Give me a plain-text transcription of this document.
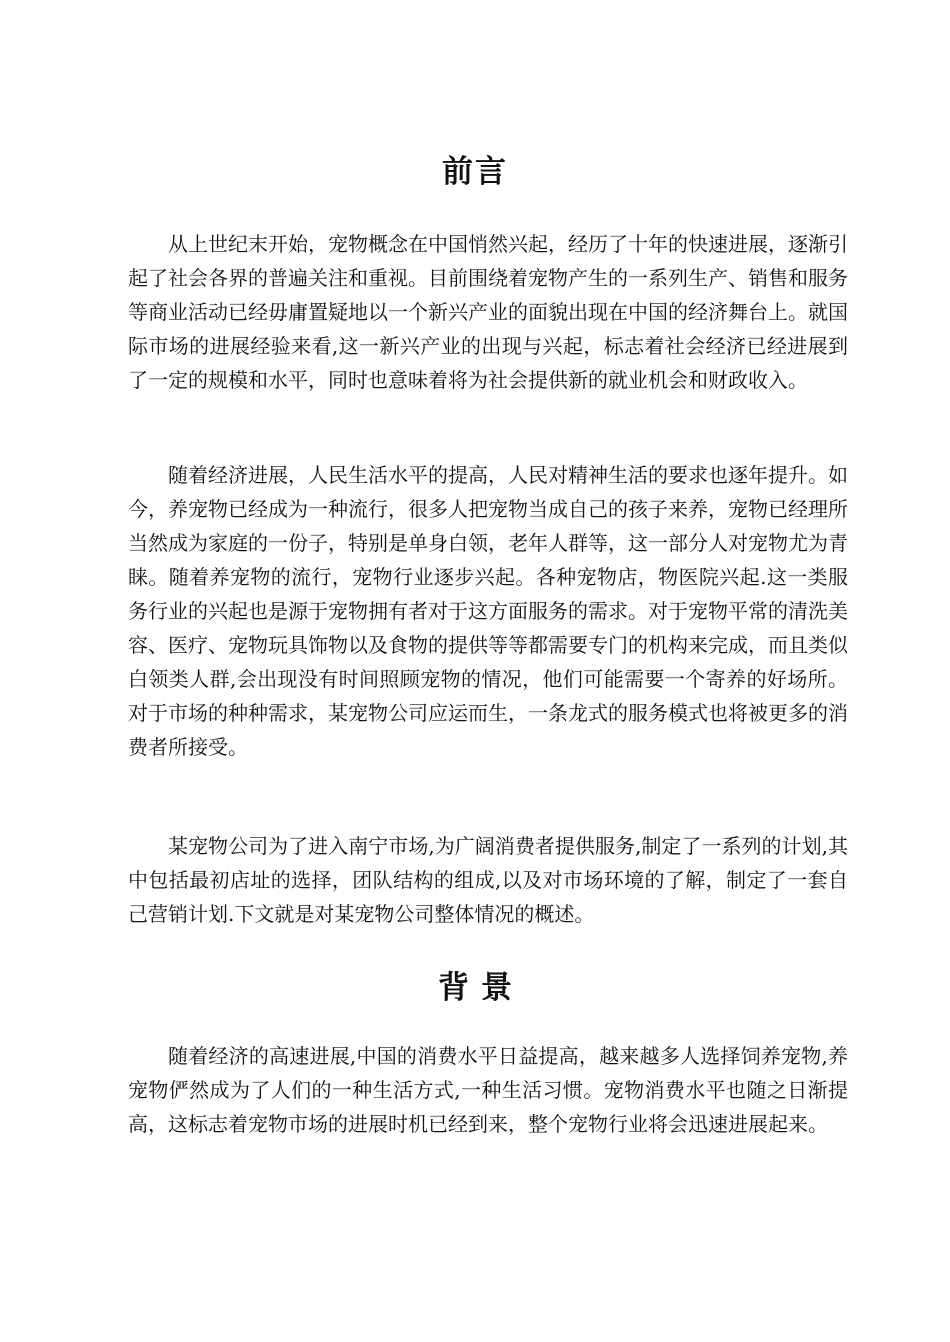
前言

从上世纪末开始，宠物概念在中国悄然兴起，经历了十年的快速进展，逐渐引起了社会各界的普遍关注和重视。目前围绕着宠物产生的一系列生产、销售和服务等商业活动已经毋庸置疑地以一个新兴产业的面貌出现在中国的经济舞台上。就国际市场的进展经验来看,这一新兴产业的出现与兴起，标志着社会经济已经进展到了一定的规模和水平，同时也意味着将为社会提供新的就业机会和财政收入。

随着经济进展，人民生活水平的提高，人民对精神生活的要求也逐年提升。如今，养宠物已经成为一种流行，很多人把宠物当成自己的孩子来养，宠物已经理所当然成为家庭的一份子，特别是单身白领，老年人群等，这一部分人对宠物尤为青睐。随着养宠物的流行，宠物行业逐步兴起。各种宠物店，物医院兴起.这一类服务行业的兴起也是源于宠物拥有者对于这方面服务的需求。对于宠物平常的清洗美容、医疗、宠物玩具饰物以及食物的提供等等都需要专门的机构来完成，而且类似白领类人群,会出现没有时间照顾宠物的情况，他们可能需要一个寄养的好场所。对于市场的种种需求，某宠物公司应运而生，一条龙式的服务模式也将被更多的消费者所接受。

某宠物公司为了进入南宁市场,为广阔消费者提供服务,制定了一系列的计划,其中包括最初店址的选择，团队结构的组成,以及对市场环境的了解，制定了一套自己营销计划.下文就是对某宠物公司整体情况的概述。

背景

随着经济的高速进展,中国的消费水平日益提高，越来越多人选择饲养宠物,养宠物俨然成为了人们的一种生活方式,一种生活习惯。宠物消费水平也随之日渐提高，这标志着宠物市场的进展时机已经到来，整个宠物行业将会迅速进展起来。
